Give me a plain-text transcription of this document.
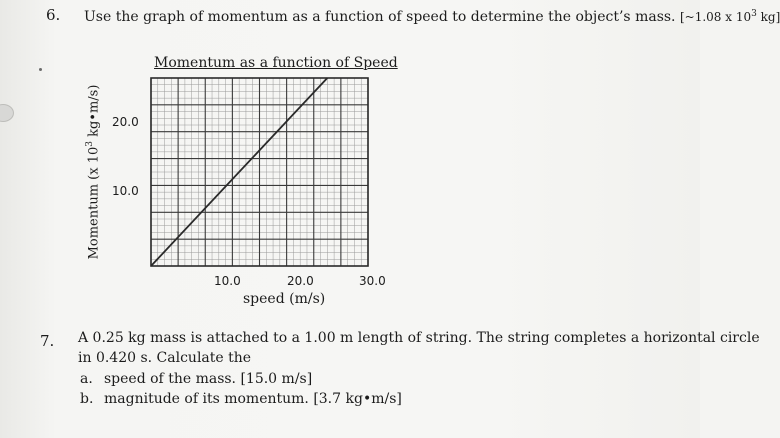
6. Use the graph of momentum as a function of speed to determine the object’s mass. [~1.08 x $10^3$ kg]
Momentum as a function of Speed
Momentum (x $10^3$ kg•m/s) 20.0
10.0
10.0	20.0	30.0
speed (m/s)
7. A 0.25 kg mass is attached to a 1.00 m length of string. The string completes a horizontal circle
in 0.420 s. Calculate the
a. speed of the mass. [15.0 m/s]
b. magnitude of its momentum. [3.7 kg•m/s]
